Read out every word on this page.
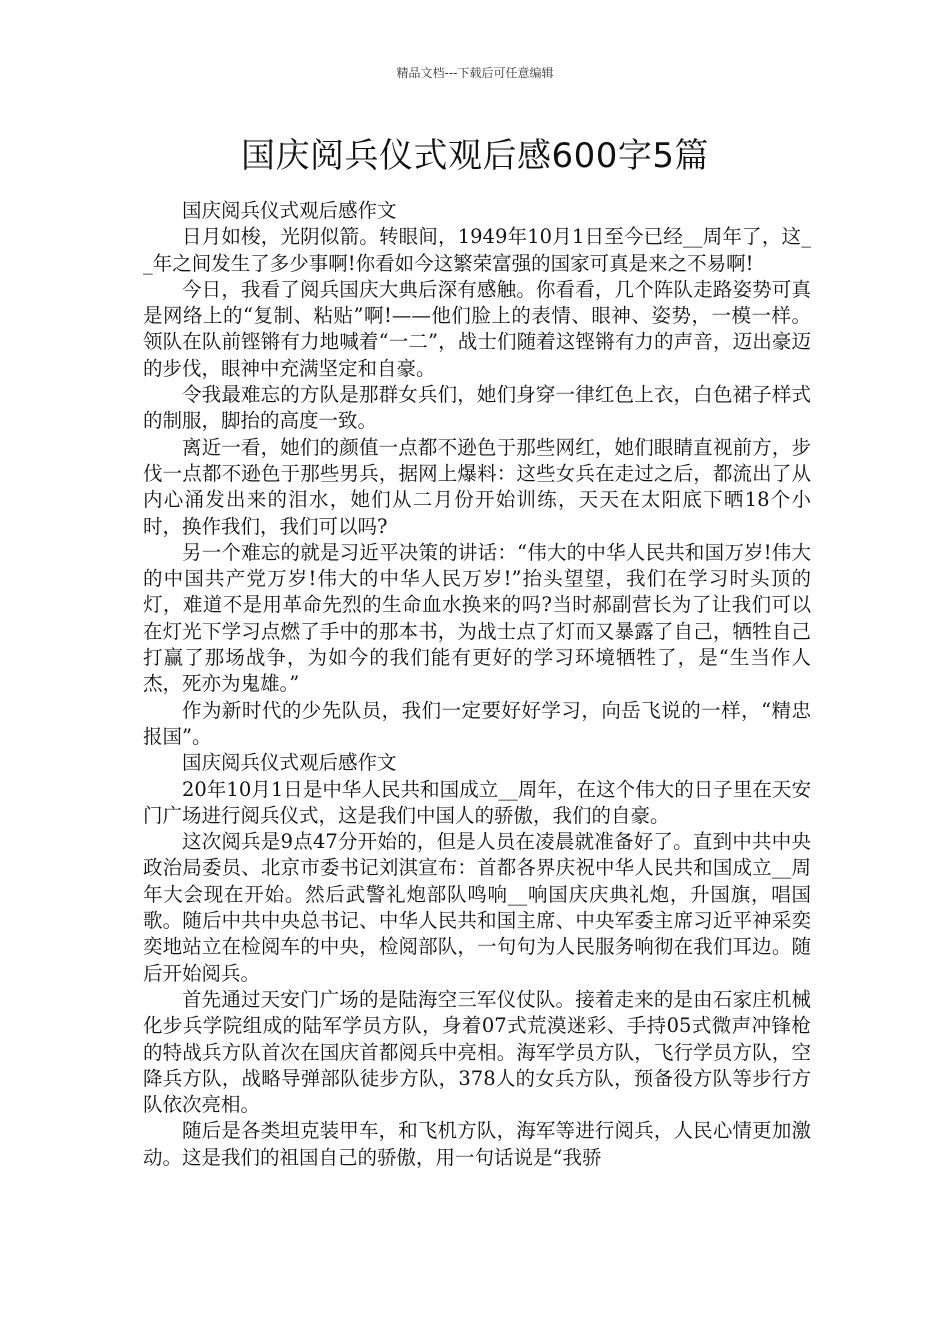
精品文档---下载后可任意编辑
国庆阅兵仪式观后感600字5篇

国庆阅兵仪式观后感作文

日月如梭，光阴似箭。转眼间，1949年10月1日至今已经__周年了，这__年之间发生了多少事啊!你看如今这繁荣富强的国家可真是来之不易啊!

今日，我看了阅兵国庆大典后深有感触。你看看，几个阵队走路姿势可真是网络上的“复制、粘贴”啊!——他们脸上的表情、眼神、姿势，一模一样。领队在队前铿锵有力地喊着“一二”，战士们随着这铿锵有力的声音，迈出豪迈的步伐，眼神中充满坚定和自豪。

令我最难忘的方队是那群女兵们，她们身穿一律红色上衣，白色裙子样式的制服，脚抬的高度一致。

离近一看，她们的颜值一点都不逊色于那些网红，她们眼睛直视前方，步伐一点都不逊色于那些男兵，据网上爆料：这些女兵在走过之后，都流出了从内心涌发出来的泪水，她们从二月份开始训练，天天在太阳底下晒18个小时，换作我们，我们可以吗?

另一个难忘的就是习近平决策的讲话：“伟大的中华人民共和国万岁!伟大的中国共产党万岁!伟大的中华人民万岁!”抬头望望，我们在学习时头顶的灯，难道不是用革命先烈的生命血水换来的吗?当时郝副营长为了让我们可以在灯光下学习点燃了手中的那本书，为战士点了灯而又暴露了自己，牺牲自己打赢了那场战争，为如今的我们能有更好的学习环境牺牲了，是“生当作人杰，死亦为鬼雄。”

作为新时代的少先队员，我们一定要好好学习，向岳飞说的一样，“精忠报国”。

国庆阅兵仪式观后感作文

20年10月1日是中华人民共和国成立__周年，在这个伟大的日子里在天安门广场进行阅兵仪式，这是我们中国人的骄傲，我们的自豪。

这次阅兵是9点47分开始的，但是人员在凌晨就准备好了。直到中共中央政治局委员、北京市委书记刘淇宣布：首都各界庆祝中华人民共和国成立__周年大会现在开始。然后武警礼炮部队鸣响__响国庆庆典礼炮，升国旗，唱国歌。随后中共中央总书记、中华人民共和国主席、中央军委主席习近平神采奕奕地站立在检阅车的中央，检阅部队，一句句为人民服务响彻在我们耳边。随后开始阅兵。

首先通过天安门广场的是陆海空三军仪仗队。接着走来的是由石家庄机械化步兵学院组成的陆军学员方队，身着07式荒漠迷彩、手持05式微声冲锋枪的特战兵方队首次在国庆首都阅兵中亮相。海军学员方队，飞行学员方队，空降兵方队，战略导弹部队徒步方队，378人的女兵方队，预备役方队等步行方队依次亮相。

随后是各类坦克装甲车，和飞机方队，海军等进行阅兵，人民心情更加激动。这是我们的祖国自己的骄傲，用一句话说是“我骄
